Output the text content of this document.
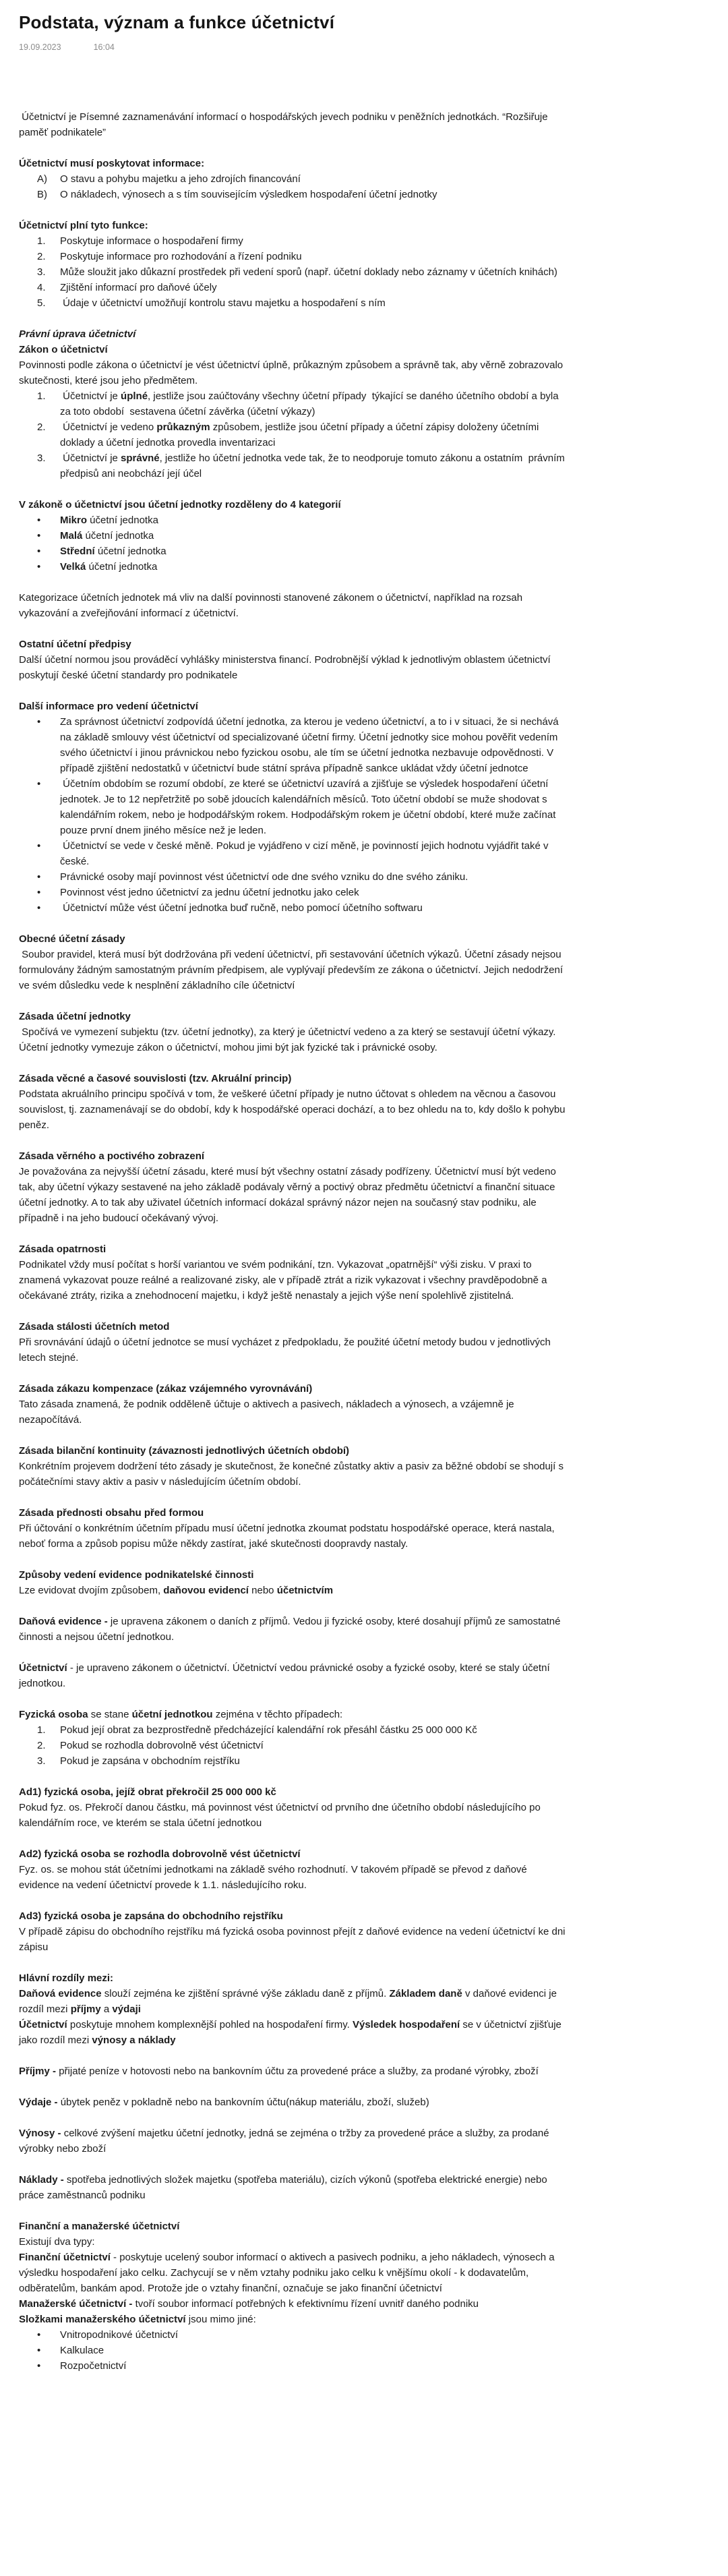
Podstata, význam a funkce účetnictví
19.09.2023	16:04
Účetnictví je Písemné zaznamenávání informací o hospodářských jevech podniku v peněžních jednotkách. “Rozšiřuje paměť podnikatele”
Účetnictví musí poskytovat informace:
A)	O stavu a pohybu majetku a jeho zdrojích financování
B)	O nákladech, výnosech a s tím souvisejícím výsledkem hospodaření účetní jednotky
Účetnictví plní tyto funkce:
1.	Poskytuje informace o hospodaření firmy
2.	Poskytuje informace pro rozhodování a řízení podniku
3.	Může sloužit jako důkazní prostředek při vedení sporů (např. účetní doklady nebo záznamy v účetních knihách)
4.	Zjištění informací pro daňové účely
5.	Údaje v účetnictví umožňují kontrolu stavu majetku a hospodaření s ním
Právní úprava účetnictví
Zákon o účetnictví
Povinnosti podle zákona o účetnictví je vést účetnictví úplně, průkazným způsobem a správně tak, aby věrně zobrazovalo skutečnosti, které jsou jeho předmětem.
1.	Účetnictví je úplné, jestliže jsou zaúčtovány všechny účetní případy  týkající se daného účetního období a byla za toto období  sestavena účetní závěrka (účetní výkazy)
2.	Účetnictví je vedeno průkazným způsobem, jestliže jsou účetní případy a účetní zápisy doloženy účetními doklady a účetní jednotka provedla inventarizaci
3.	Účetnictví je správné, jestliže ho účetní jednotka vede tak, že to neodporuje tomuto zákonu a ostatním  právním předpisů ani neobchází její účel
V zákoně o účetnictví jsou účetní jednotky rozděleny do 4 kategorií
•	Mikro účetní jednotka
•	Malá účetní jednotka
•	Střední účetní jednotka
•	Velká účetní jednotka
Kategorizace účetních jednotek má vliv na další povinnosti stanovené zákonem o účetnictví, například na rozsah vykazování a zveřejňování informací z účetnictví.
Ostatní účetní předpisy
Další účetní normou jsou prováděcí vyhlášky ministerstva financí. Podrobnější výklad k jednotlivým oblastem účetnictví poskytují české účetní standardy pro podnikatele
Další informace pro vedení účetnictví
•	Za správnost účetnictví zodpovídá účetní jednotka, za kterou je vedeno účetnictví, a to i v situaci, že si nechává na základě smlouvy vést účetnictví od specializované účetní firmy. Účetní jednotky sice mohou pověřit vedením svého účetnictví i jinou právnickou nebo fyzickou osobu, ale tím se účetní jednotka nezbavuje odpovědnosti. V případě zjištění nedostatků v účetnictví bude státní správa případně sankce ukládat vždy účetní jednotce
•	Účetním obdobím se rozumí období, ze které se účetnictví uzavírá a zjišťuje se výsledek hospodaření účetní jednotek. Je to 12 nepřetržitě po sobě jdoucích kalendářních měsíců. Toto účetní období se muže shodovat s  kalendářním rokem, nebo je hodpodářským rokem. Hodpodářským rokem je účetní období, které muže začínat pouze první dnem jiného měsíce než je leden.
•	Účetnictví se vede v české měně. Pokud je vyjádřeno v cizí měně, je povinností jejich hodnotu vyjádřit také v české.
•	Právnické osoby mají povinnost vést účetnictví ode dne svého vzniku do dne svého zániku.
•	Povinnost vést jedno účetnictví za jednu účetní jednotku jako celek
•	Účetnictví může vést účetní jednotka buď ručně, nebo pomocí účetního softwaru
Obecné účetní zásady
Soubor pravidel, která musí být dodržována při vedení účetnictví, při sestavování účetních výkazů. Účetní zásady nejsou formulovány žádným samostatným právním předpisem, ale vyplývají především ze zákona o účetnictví. Jejich nedodržení ve svém důsledku vede k nesplnění základního cíle účetnictví
Zásada účetní jednotky
Spočívá ve vymezení subjektu (tzv. účetní jednotky), za který je účetnictví vedeno a za který se sestavují účetní výkazy. Účetní jednotky vymezuje zákon o účetnictví, mohou jimi být jak fyzické tak i právnické osoby.
Zásada věcné a časové souvislosti (tzv. Akruální princip)
Podstata akruálního principu spočívá v tom, že veškeré účetní případy je nutno účtovat s ohledem na věcnou a časovou souvislost, tj. zaznamenávají se do období, kdy k hospodářské operaci dochází, a to bez ohledu na to, kdy došlo k pohybu peněz.
Zásada věrného a poctivého zobrazení
Je považována za nejvyšší účetní zásadu, které musí být všechny ostatní zásady podřízeny. Účetnictví musí být vedeno tak, aby účetní výkazy sestavené na jeho základě podávaly věrný a poctivý obraz předmětu účetnictví a finanční situace účetní jednotky. A to tak aby uživatel účetních informací dokázal správný názor nejen na současný stav podniku, ale případně i na jeho budoucí očekávaný vývoj.
Zásada opatrnosti
Podnikatel vždy musí počítat s horší variantou ve svém podnikání, tzn. Vykazovat „opatrnější“ výši zisku. V praxi to znamená vykazovat pouze reálné a realizované zisky, ale v případě ztrát a rizik vykazovat i všechny pravděpodobně a očekávané ztráty, rizika a znehodnocení majetku, i když ještě nenastaly a jejich výše není spolehlivě zjistitelná.
Zásada stálosti účetních metod
Při srovnávání údajů o účetní jednotce se musí vycházet z předpokladu, že použité účetní metody budou v jednotlivých letech stejné.
Zásada zákazu kompenzace (zákaz vzájemného vyrovnávání)
Tato zásada znamená, že podnik odděleně účtuje o aktivech a pasivech, nákladech a výnosech, a vzájemně je nezapočítává.
Zásada bilanční kontinuity (závaznosti jednotlivých účetních období)
Konkrétním projevem dodržení této zásady je skutečnost, že konečné zůstatky aktiv a pasiv za běžné období se shodují s počátečními stavy aktiv a pasiv v následujícím účetním období.
Zásada přednosti obsahu před formou
Při účtování o konkrétním účetním případu musí účetní jednotka zkoumat podstatu hospodářské operace, která nastala, neboť forma a způsob popisu může někdy zastírat, jaké skutečnosti doopravdy nastaly.
Způsoby vedení evidence podnikatelské činnosti
Lze evidovat dvojím způsobem, daňovou evidencí nebo účetnictvím
Daňová evidence - je upravena zákonem o daních z příjmů. Vedou ji fyzické osoby, které dosahují příjmů ze samostatné činnosti a nejsou účetní jednotkou.
Účetnictví - je upraveno zákonem o účetnictví. Účetnictví vedou právnické osoby a fyzické osoby, které se staly účetní jednotkou.
Fyzická osoba se stane účetní jednotkou zejména v těchto případech:
1.	Pokud její obrat za bezprostředně předcházející kalendářní rok přesáhl částku 25 000 000 Kč
2.	Pokud se rozhodla dobrovolně vést účetnictví
3.	Pokud je zapsána v obchodním rejstříku
Ad1) fyzická osoba, jejíž obrat překročil 25 000 000 kč
Pokud fyz. os. Překročí danou částku, má povinnost vést účetnictví od prvního dne účetního období následujícího po kalendářním roce, ve kterém se stala účetní jednotkou
Ad2) fyzická osoba se rozhodla dobrovolně vést účetnictví
Fyz. os. se mohou stát účetními jednotkami na základě svého rozhodnutí. V takovém případě se převod z daňové evidence na vedení účetnictví provede k 1.1. následujícího roku.
Ad3) fyzická osoba je zapsána do obchodního rejstříku
V případě zápisu do obchodního rejstříku má fyzická osoba povinnost přejít z daňové evidence na vedení účetnictví ke dni zápisu
Hlávní rozdíly mezi:
Daňová evidence slouží zejména ke zjištění správné výše základu daně z příjmů. Základem daně v daňové evidenci je rozdíl mezi příjmy a výdaji
Účetnictví poskytuje mnohem komplexnější pohled na hospodaření firmy. Výsledek hospodaření se v účetnictví zjišťuje jako rozdíl mezi výnosy a náklady
Příjmy - přijaté peníze v hotovosti nebo na bankovním účtu za provedené práce a služby, za prodané výrobky, zboží
Výdaje - úbytek peněz v pokladně nebo na bankovním účtu(nákup materiálu, zboží, služeb)
Výnosy - celkové zvýšení majetku účetní jednotky, jedná se zejména o tržby za provedené práce a služby, za prodané výrobky nebo zboží
Náklady - spotřeba jednotlivých složek majetku (spotřeba materiálu), cizích výkonů (spotřeba elektrické energie) nebo práce zaměstnanců podniku
Finanční a manažerské účetnictví
Existují dva typy:
Finanční účetnictví - poskytuje ucelený soubor informací o aktivech a pasivech podniku, a jeho nákladech, výnosech a výsledku hospodaření jako celku. Zachycují se v něm vztahy podniku jako celku k vnějšímu okolí - k dodavatelům, odběratelům, bankám apod. Protože jde o vztahy finanční, označuje se jako finanční účetnictví
Manažerské účetnictví - tvoří soubor informací potřebných k efektivnímu řízení uvnitř daného podniku
Složkami manažerského účetnictví jsou mimo jiné:
•	Vnitropodnikové účetnictví
•	Kalkulace
•	Rozpočetnictví
